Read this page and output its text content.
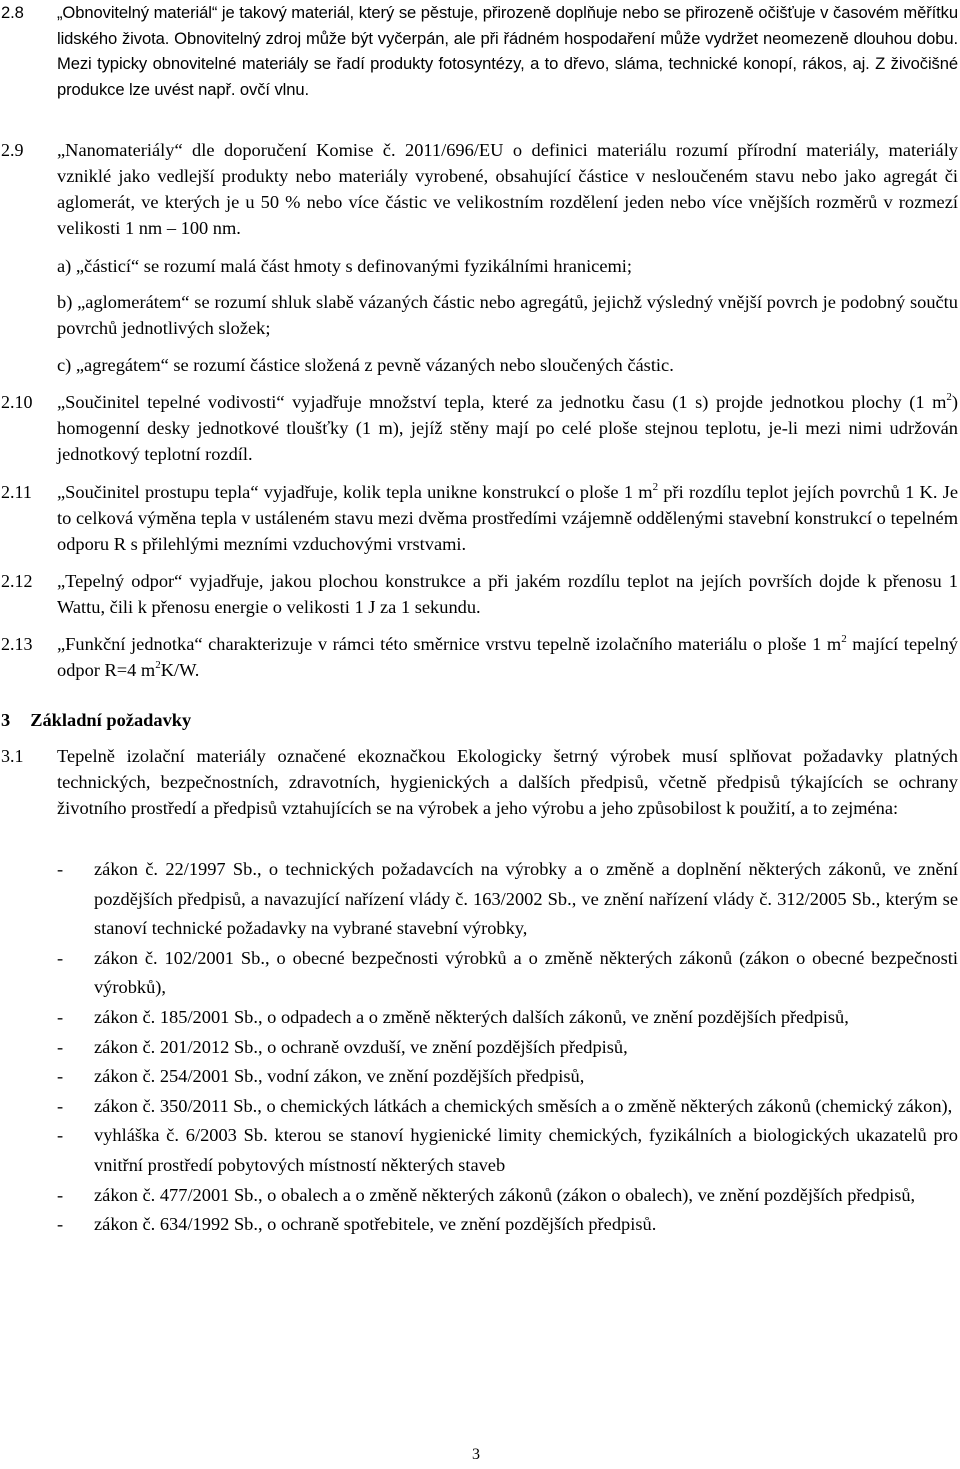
2.8 „Obnovitelný materiál“ je takový materiál, který se pěstuje, přirozeně doplňuje nebo se přirozeně očišťuje v časovém měřítku lidského života. Obnovitelný zdroj může být vyčerpán, ale při řádném hospodaření může vydržet neomezeně dlouhou dobu. Mezi typicky obnovitelné materiály se řadí produkty fotosyntézy, a to dřevo, sláma, technické konopí, rákos, aj. Z živočišné produkce lze uvést např. ovčí vlnu.
2.9 „Nanomateriály“ dle doporučení Komise č. 2011/696/EU o definici materiálu rozumí přírodní materiály, materiály vzniklé jako vedlejší produkty nebo materiály vyrobené, obsahující částice v nesloučeném stavu nebo jako agregát či aglomerát, ve kterých je u 50 % nebo více částic ve velikostním rozdělení jeden nebo více vnějších rozměrů v rozmezí velikosti 1 nm – 100 nm.
a) „částicí“ se rozumí malá část hmoty s definovanými fyzikálními hranicemi;
b) „aglomerátem“ se rozumí shluk slabě vázaných částic nebo agregátů, jejichž výsledný vnější povrch je podobný součtu povrchů jednotlivých složek;
c) „agregátem“ se rozumí částice složená z pevně vázaných nebo sloučených částic.
2.10 „Součinitel tepelné vodivosti“ vyjadřuje množství tepla, které za jednotku času (1 s) projde jednotkou plochy (1 $m^2$) homogenní desky jednotkové tloušťky (1 m), jejíž stěny mají po celé ploše stejnou teplotu, je-li mezi nimi udržován jednotkový teplotní rozdíl.
2.11 „Součinitel prostupu tepla“ vyjadřuje, kolik tepla unikne konstrukcí o ploše 1 $m^2$ při rozdílu teplot jejích povrchů 1 K. Je to celková výměna tepla v ustáleném stavu mezi dvěma prostředími vzájemně oddělenými stavební konstrukcí o tepelném odporu R s přilehlými mezními vzduchovými vrstvami.
2.12 „Tepelný odpor“ vyjadřuje, jakou plochou konstrukce a při jakém rozdílu teplot na jejích površích dojde k přenosu 1 Wattu, čili k přenosu energie o velikosti 1 J za 1 sekundu.
2.13 „Funkční jednotka“ charakterizuje v rámci této směrnice vrstvu tepelně izolačního materiálu o ploše 1 $m^2$ mající tepelný odpor R=4 $m^2K/W$.
3 Základní požadavky
3.1 Tepelně izolační materiály označené ekoznačkou Ekologicky šetrný výrobek musí splňovat požadavky platných technických, bezpečnostních, zdravotních, hygienických a dalších předpisů, včetně předpisů týkajících se ochrany životního prostředí a předpisů vztahujících se na výrobek a jeho výrobu a jeho způsobilost k použití, a to zejména:
- zákon č. 22/1997 Sb., o technických požadavcích na výrobky a o změně a doplnění některých zákonů, ve znění pozdějších předpisů, a navazující nařízení vlády č. 163/2002 Sb., ve znění nařízení vlády č. 312/2005 Sb., kterým se stanoví technické požadavky na vybrané stavební výrobky,
- zákon č. 102/2001 Sb., o obecné bezpečnosti výrobků a o změně některých zákonů (zákon o obecné bezpečnosti výrobků),
- zákon č. 185/2001 Sb., o odpadech a o změně některých dalších zákonů, ve znění pozdějších předpisů,
- zákon č. 201/2012 Sb., o ochraně ovzduší, ve znění pozdějších předpisů,
- zákon č. 254/2001 Sb., vodní zákon, ve znění pozdějších předpisů,
- zákon č. 350/2011 Sb., o chemických látkách a chemických směsích a o změně některých zákonů (chemický zákon),
- vyhláška č. 6/2003 Sb. kterou se stanoví hygienické limity chemických, fyzikálních a biologických ukazatelů pro vnitřní prostředí pobytových místností některých staveb
- zákon č. 477/2001 Sb., o obalech a o změně některých zákonů (zákon o obalech), ve znění pozdějších předpisů,
- zákon č. 634/1992 Sb., o ochraně spotřebitele, ve znění pozdějších předpisů.
3
